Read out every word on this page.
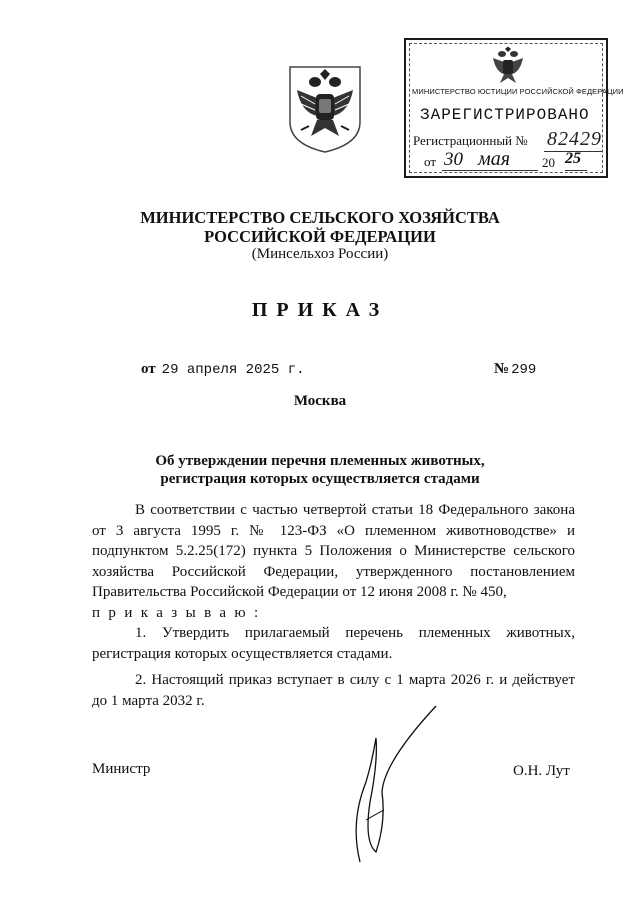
МИНИСТЕРСТВО ЮСТИЦИИ РОССИЙСКОЙ ФЕДЕРАЦИИ
ЗАРЕГИСТРИРОВАНО
Регистрационный № 82429
от 30 мая 20 25
МИНИСТЕРСТВО СЕЛЬСКОГО ХОЗЯЙСТВА
РОССИЙСКОЙ ФЕДЕРАЦИИ
(Минсельхоз России)
ПРИКАЗ
от 29 апреля 2025 г.	№ 299
Москва
Об утверждении перечня племенных животных,
регистрация которых осуществляется стадами

В соответствии с частью четвертой статьи 18 Федерального закона от 3 августа 1995 г. № 123-ФЗ «О племенном животноводстве» и подпунктом 5.2.25(172) пункта 5 Положения о Министерстве сельского хозяйства Российской Федерации, утвержденного постановлением Правительства Российской Федерации от 12 июня 2008 г. № 450,

приказываю:

1. Утвердить прилагаемый перечень племенных животных, регистрация которых осуществляется стадами.

2. Настоящий приказ вступает в силу с 1 марта 2026 г. и действует до 1 марта 2032 г.

Министр	О.Н. Лут
